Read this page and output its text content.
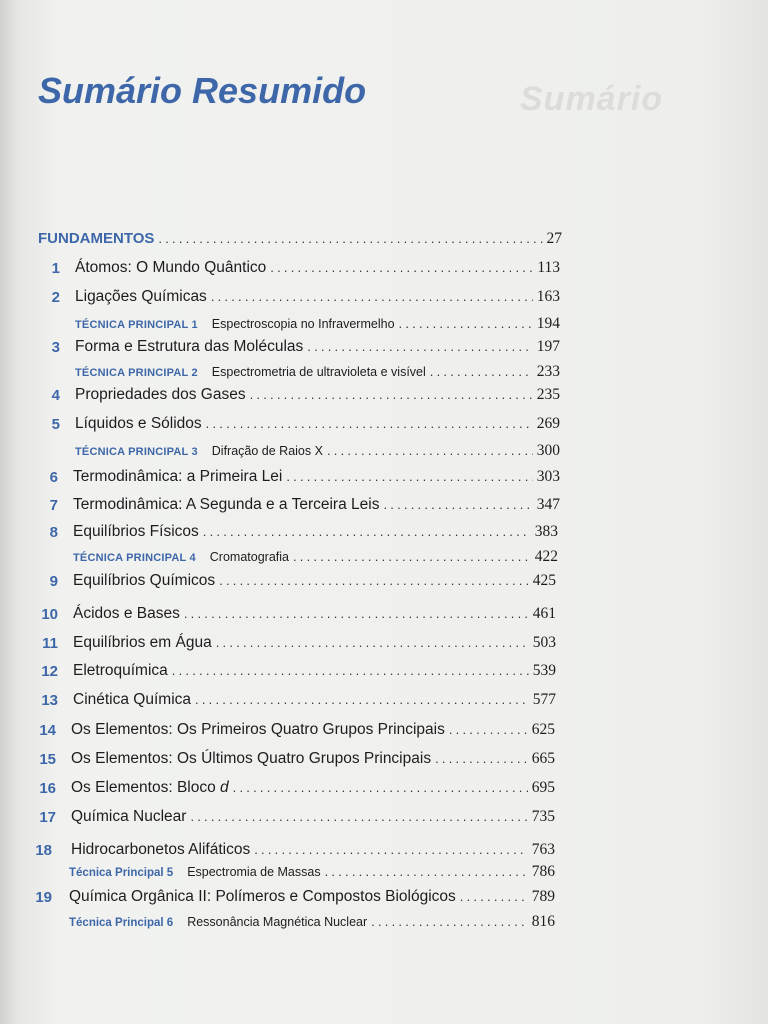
Sumário
Sumário Resumido
FUNDAMENTOS .....	27
1 Átomos: O Mundo Quântico .....	113
2 Ligações Químicas .....	163
TÉCNICA PRINCIPAL 1 Espectroscopia no Infravermelho .....	194
3 Forma e Estrutura das Moléculas .....	197
TÉCNICA PRINCIPAL 2 Espectrometria de ultravioleta e visível .....	233
4 Propriedades dos Gases .....	235
5 Líquidos e Sólidos .....	269
TÉCNICA PRINCIPAL 3 Difração de Raios X .....	300
6 Termodinâmica: a Primeira Lei .....	303
7 Termodinâmica: A Segunda e a Terceira Leis .....	347
8 Equilíbrios Físicos .....	383
TÉCNICA PRINCIPAL 4 Cromatografia .....	422
9 Equilíbrios Químicos .....	425
10 Ácidos e Bases .....	461
11 Equilíbrios em Água .....	503
12 Eletroquímica .....	539
13 Cinética Química .....	577
14 Os Elementos: Os Primeiros Quatro Grupos Principais .....	625
15 Os Elementos: Os Últimos Quatro Grupos Principais .....	665
16 Os Elementos: Bloco d .....	695
17 Química Nuclear .....	735
18 Hidrocarbonetos Alifáticos .....	763
Técnica Principal 5 Espectromia de Massas .....	786
19 Química Orgânica II: Polímeros e Compostos Biológicos .....	789
Técnica Principal 6 Ressonância Magnética Nuclear .....	816
